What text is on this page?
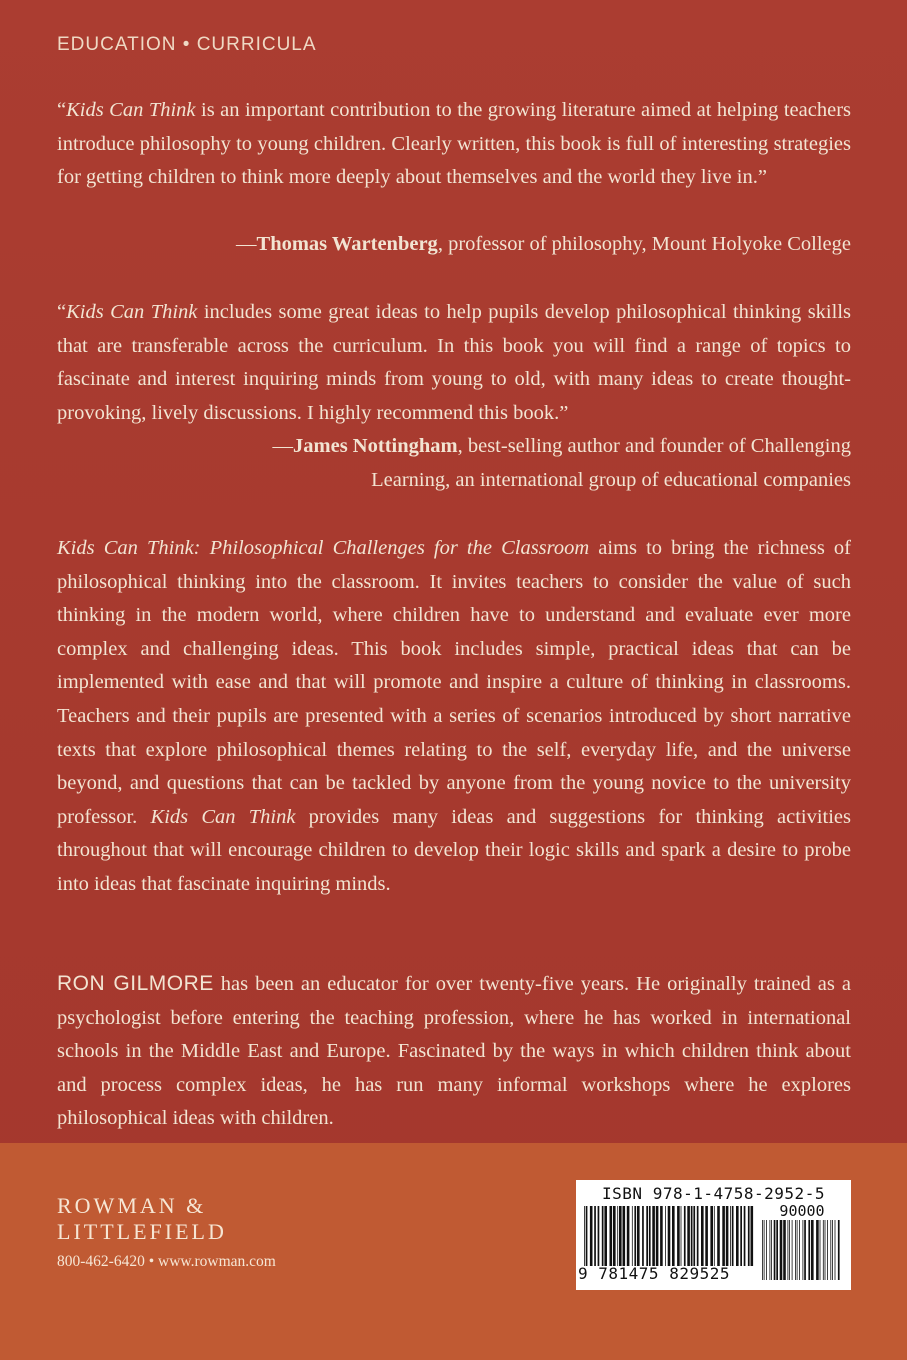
EDUCATION • CURRICULA
“Kids Can Think is an important contribution to the growing literature aimed at helping teachers introduce philosophy to young children. Clearly written, this book is full of interesting strategies for getting children to think more deeply about themselves and the world they live in.”
—Thomas Wartenberg, professor of philosophy, Mount Holyoke College
“Kids Can Think includes some great ideas to help pupils develop philosophical thinking skills that are transferable across the curriculum. In this book you will find a range of topics to fascinate and interest inquiring minds from young to old, with many ideas to create thought-provoking, lively discussions. I highly recommend this book.”
—James Nottingham, best-selling author and founder of Challenging
Learning, an international group of educational companies
Kids Can Think: Philosophical Challenges for the Classroom aims to bring the richness of philosophical thinking into the classroom. It invites teachers to consider the value of such thinking in the modern world, where children have to understand and evaluate ever more complex and challenging ideas. This book includes simple, practical ideas that can be implemented with ease and that will promote and inspire a culture of thinking in classrooms. Teachers and their pupils are presented with a series of scenarios introduced by short narrative texts that explore philosophical themes relating to the self, everyday life, and the universe beyond, and questions that can be tackled by anyone from the young novice to the university professor. Kids Can Think provides many ideas and suggestions for thinking activities throughout that will encourage children to develop their logic skills and spark a desire to probe into ideas that fascinate inquiring minds.
RON GILMORE has been an educator for over twenty-five years. He originally trained as a psychologist before entering the teaching profession, where he has worked in international schools in the Middle East and Europe. Fascinated by the ways in which children think about and process complex ideas, he has run many informal workshops where he explores philosophical ideas with children.
ROWMAN &
LITTLEFIELD
800-462-6420 • www.rowman.com
ISBN 978-1-4758-2952-5
90000
9 781475 829525
